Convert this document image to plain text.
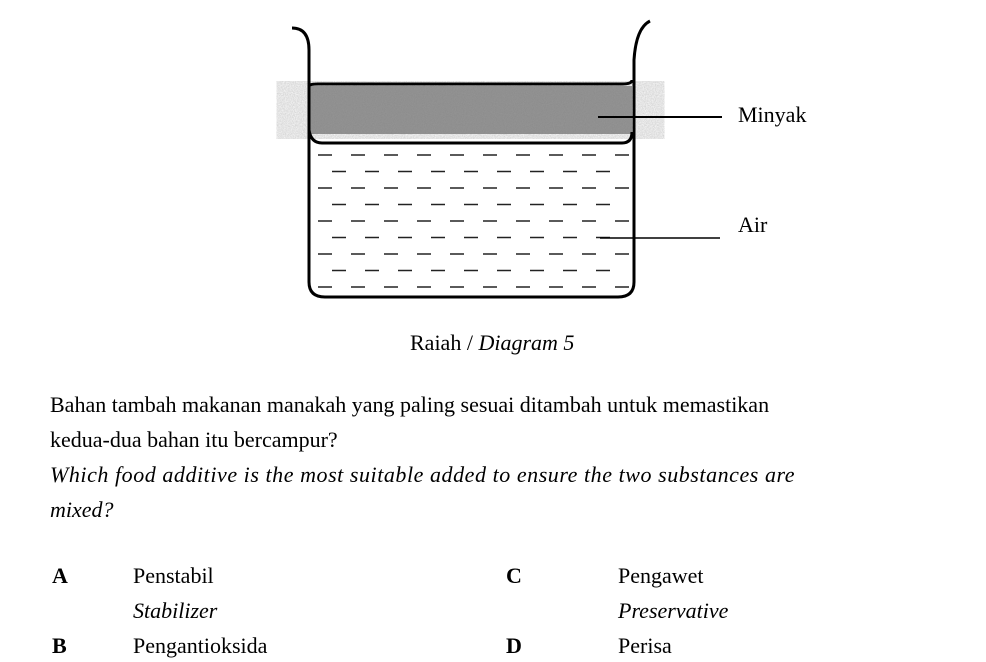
Minyak
Air
Raiah / Diagram 5
Bahan tambah makanan manakah yang paling sesuai ditambah untuk memastikan
kedua-dua bahan itu bercampur?
Which food additive is the most suitable added to ensure the two substances are
mixed?
A	Penstabil
Stabilizer
B	Pengantioksida
C	Pengawet
Preservative
D	Perisa
